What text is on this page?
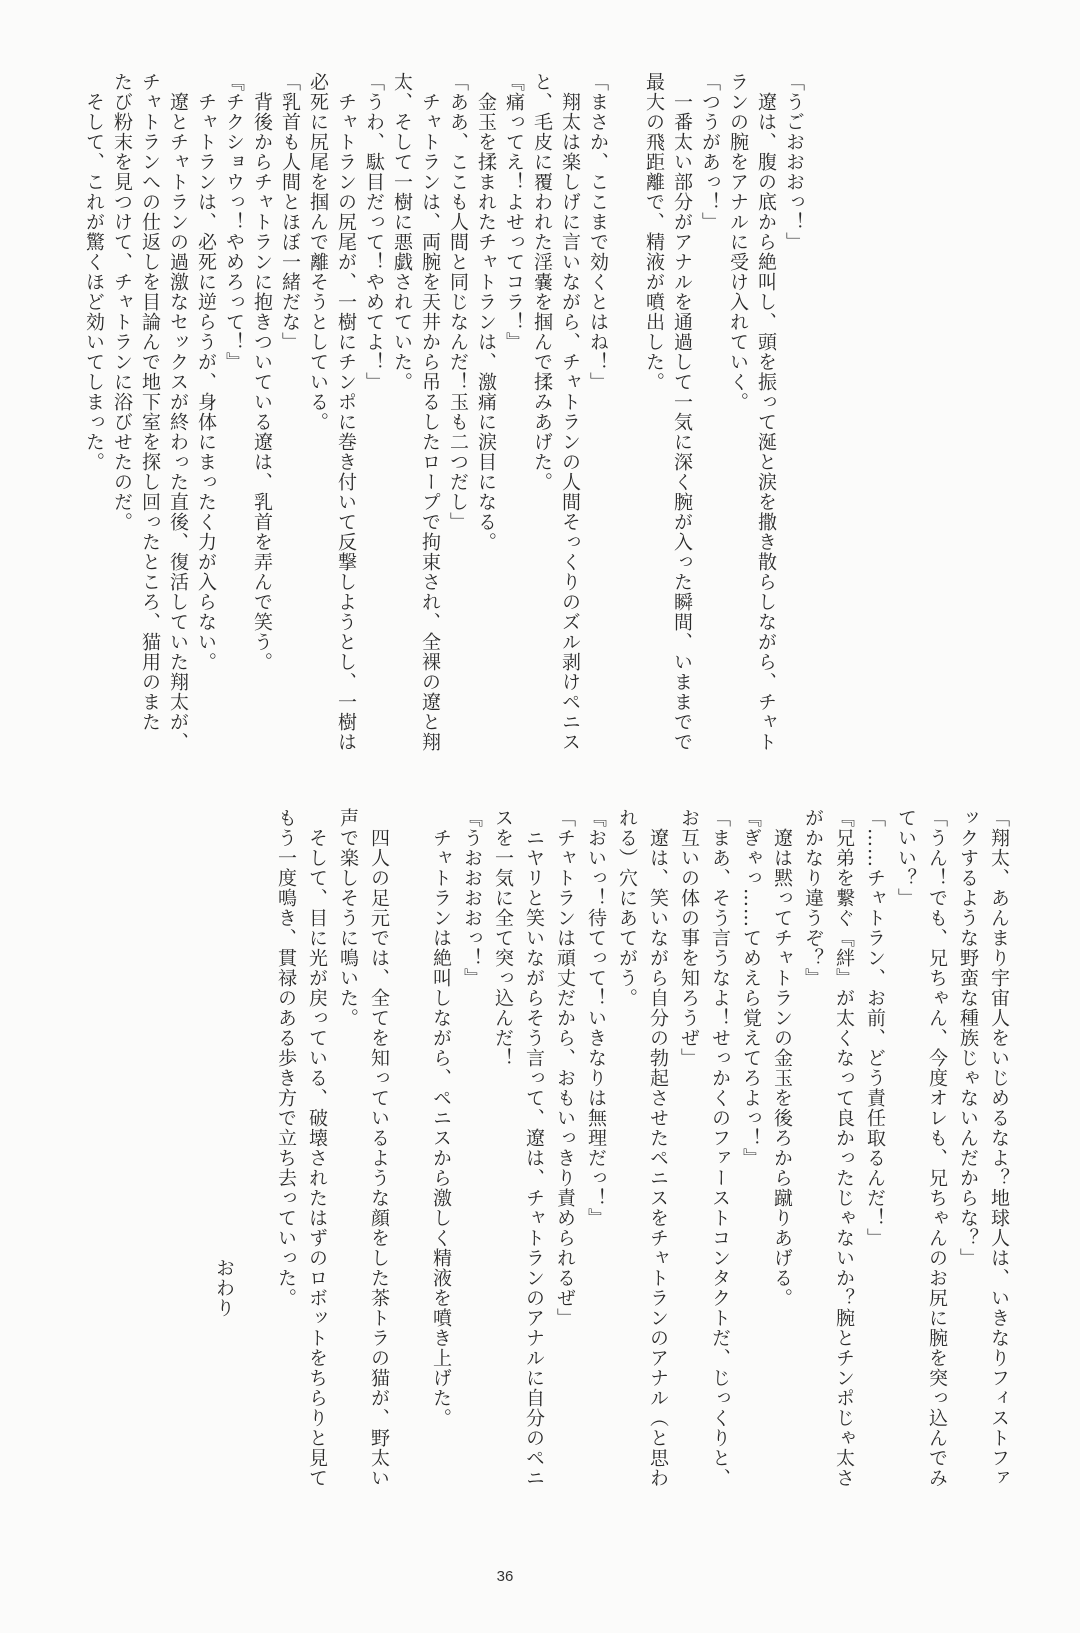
「うごおおおっ！」
　遼は、腹の底から絶叫し、頭を振って涎と涙を撒き散らしながら、チャト
ランの腕をアナルに受け入れていく。
「つうがあっ！」
　一番太い部分がアナルを通過して一気に深く腕が入った瞬間、いままでで
最大の飛距離で、精液が噴出した。

「まさか、ここまで効くとはね！」
　翔太は楽しげに言いながら、チャトランの人間そっくりのズル剥けペニス
と、毛皮に覆われた淫嚢を掴んで揉みあげた。
『痛ってえ！よせってコラ！』
　金玉を揉まれたチャトランは、激痛に涙目になる。
「ああ、ここも人間と同じなんだ！玉も二つだし」
　チャトランは、両腕を天井から吊るしたロープで拘束され、全裸の遼と翔
太、そして一樹に悪戯されていた。
「うわ、駄目だって！やめてよ！」
　チャトランの尻尾が、一樹にチンポに巻き付いて反撃しようとし、一樹は
必死に尻尾を掴んで離そうとしている。
「乳首も人間とほぼ一緒だな」
　背後からチャトランに抱きついている遼は、乳首を弄んで笑う。
『チクショウっ！やめろって！』
　チャトランは、必死に逆らうが、身体にまったく力が入らない。
　遼とチャトランの過激なセックスが終わった直後、復活していた翔太が、
チャトランへの仕返しを目論んで地下室を探し回ったところ、猫用のまた
たび粉末を見つけて、チャトランに浴びせたのだ。
　そして、これが驚くほど効いてしまった。
「翔太、あんまり宇宙人をいじめるなよ？地球人は、いきなりフィストファ
ックするような野蛮な種族じゃないんだからな？」
「うん！でも、兄ちゃん、今度オレも、兄ちゃんのお尻に腕を突っ込んでみ
ていい？」
「……チャトラン、お前、どう責任取るんだ！」
『兄弟を繋ぐ『絆』が太くなって良かったじゃないか？腕とチンポじゃ太さ
がかなり違うぞ？』
　遼は黙ってチャトランの金玉を後ろから蹴りあげる。
『ぎゃっ……てめえら覚えてろよっ！』
「まあ、そう言うなよ！せっかくのファーストコンタクトだ、じっくりと、
お互いの体の事を知ろうぜ」
　遼は、笑いながら自分の勃起させたペニスをチャトランのアナル（と思わ
れる）穴にあてがう。
『おいっ！待てって！いきなりは無理だっ！』
「チャトランは頑丈だから、おもいっきり責められるぜ」
　ニヤリと笑いながらそう言って、遼は、チャトランのアナルに自分のペニ
スを一気に全て突っ込んだ！
『うおおおおっ！』
　チャトランは絶叫しながら、ペニスから激しく精液を噴き上げた。

　四人の足元では、全てを知っているような顔をした茶トラの猫が、野太い
声で楽しそうに鳴いた。
　そして、目に光が戻っている、破壊されたはずのロボットをちらりと見て
もう一度鳴き、貫禄のある歩き方で立ち去っていった。

おわり
36
